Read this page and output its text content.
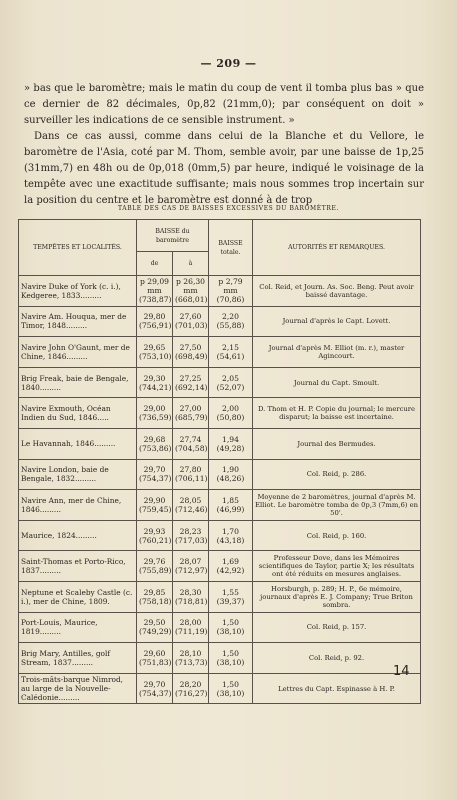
— 209 —

» bas que le baromètre; mais le matin du coup de vent il tomba plus bas » que ce dernier de 82 décimales, 0p,82 (21mm,0); par conséquent on doit » surveiller les indications de ce sensible instrument. »

Dans ce cas aussi, comme dans celui de la Blanche et du Vellore, le baromètre de l'Asia, coté par M. Thom, semble avoir, par une baisse de 1p,25 (31mm,7) en 48h ou de 0p,018 (0mm,5) par heure, indiqué le voisinage de la tempête avec une exactitude suffisante; mais nous sommes trop incertain sur la position du centre et le baromètre est donné à de trop

TABLE DES CAS DE BAISSES EXCESSIVES DU BAROMÈTRE.
TEMPÊTES ET LOCALITÉS.	BAISSE du baromètre		BAISSE totale.	AUTORITÉS ET REMARQUES.
	de	à		
Navire Duke of York (c. i.), Kedgeree, 1833.........	p 29,09 mm (738,87)	p 26,30 mm (668,01)	p 2,79 mm (70,86)	Col. Reid, et Journ. As. Soc. Beng. Peut avoir baissé davantage.
Navire Am. Houqua, mer de Timor, 1848.........	29,80 (756,91)	27,60 (701,03)	2,20 (55,88)	Journal d'après le Capt. Lovett.
Navire John O'Gaunt, mer de Chine, 1846.........	29,65 (753,10)	27,50 (698,49)	2,15 (54,61)	Journal d'après M. Elliot (m. r.), master Agincourt.
Brig Freak, baie de Bengale, 1840.........	29,30 (744,21)	27,25 (692,14)	2,05 (52,07)	Journal du Capt. Smoult.
Navire Exmouth, Océan Indien du Sud, 1846.....	29,00 (736,59)	27,00 (685,79)	2,00 (50,80)	D. Thom et H. P. Copie du journal; le mercure disparut; la baisse est incertaine.
Le Havannah, 1846.........	29,68 (753,86)	27,74 (704,58)	1,94 (49,28)	Journal des Bermudes.
Navire London, baie de Bengale, 1832.........	29,70 (754,37)	27,80 (706,11)	1,90 (48,26)	Col. Reid, p. 286.
Navire Ann, mer de Chine, 1846.........	29,90 (759,45)	28,05 (712,46)	1,85 (46,99)	Moyenne de 2 baromètres, journal d'après M. Elliot. Le baromètre tomba de 0p,3 (7mm,6) en 50'.
Maurice, 1824.........	29,93 (760,21)	28,23 (717,03)	1,70 (43,18)	Col. Reid, p. 160.
Saint-Thomas et Porto-Rico, 1837.........	29,76 (755,89)	28,07 (712,97)	1,69 (42,92)	Professeur Dove, dans les Mémoires scientifiques de Taylor, partie X; les résultats ont été réduits en mesures anglaises.
Neptune et Scaleby Castle (c. i.), mer de Chine, 1809.	29,85 (758,18)	28,30 (718,81)	1,55 (39,37)	Horsburgh, p. 289; H. P., 6e mémoire, journaux d'après E. J. Company; True Briton sombra.
Port-Louis, Maurice, 1819.........	29,50 (749,29)	28,00 (711,19)	1,50 (38,10)	Col. Reid, p. 157.
Brig Mary, Antilles, golf Stream, 1837.........	29,60 (751,83)	28,10 (713,73)	1,50 (38,10)	Col. Reid, p. 92.
Trois-mâts-barque Nimrod, au large de la Nouvelle-Calédonie.........	29,70 (754,37)	28,20 (716,27)	1,50 (38,10)	Lettres du Capt. Espinasse à H. P.
14
